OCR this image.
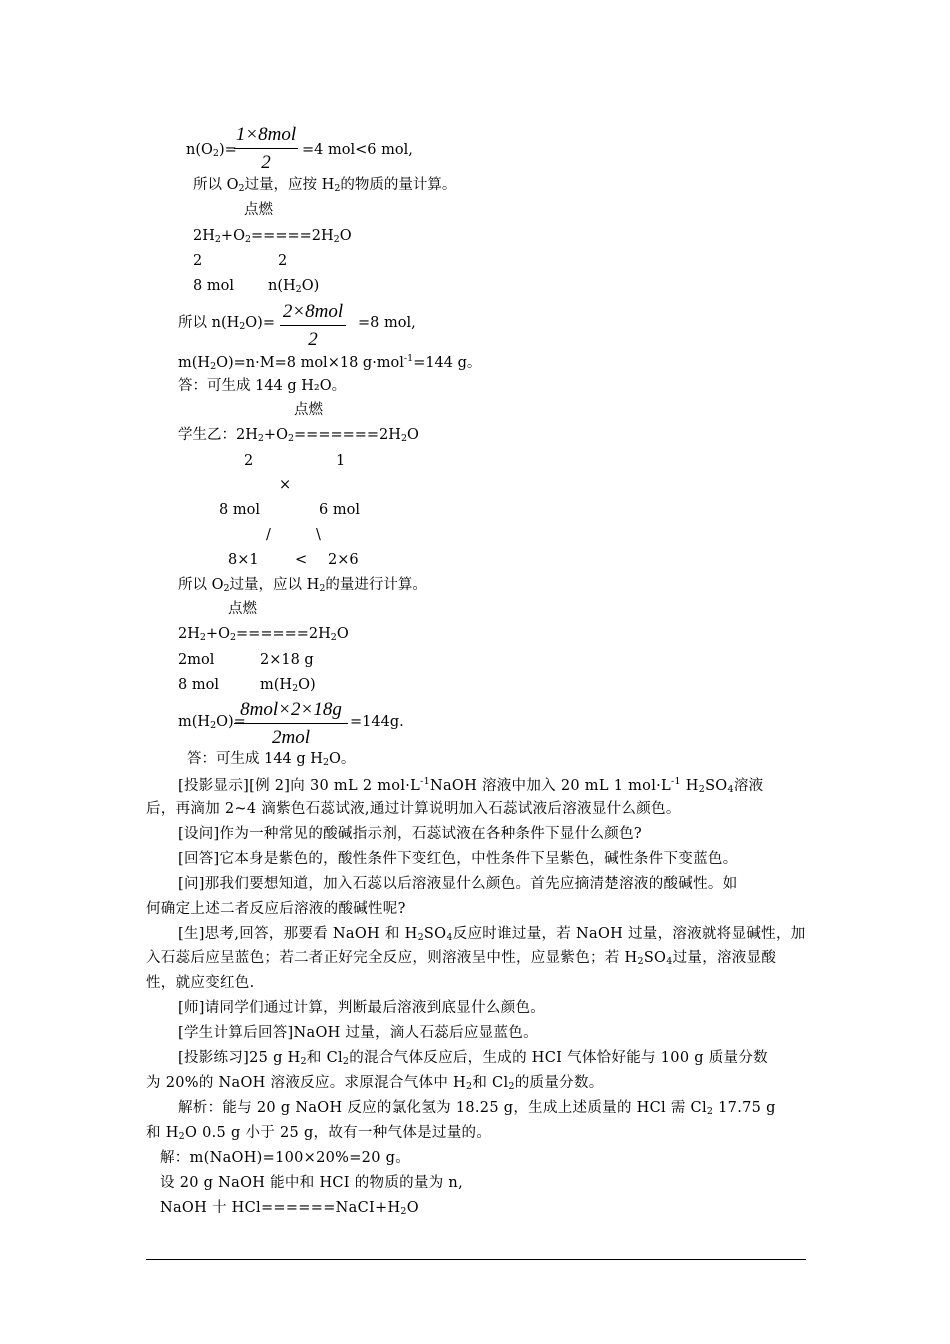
$n(O_2)=$
1×8mol
2
=4 mol<6 mol,
所以 $O_2$过量，应按 $H_2$的物质的量计算。
点燃
$2H_2+O_2=====2H_2O$
2	2
8 mol $n(H_2O)$
所以 $n(H_2O)=$
2×8mol
2
=8 mol,
$m(H_2O)=n\cdot M=8$ mol×18 g·mol$^{-1}$=144 g。
答：可生成 144 g H₂O。
点燃
学生乙：$2H_2+O_2=======2H_2O$
2	1
×
8 mol	6 mol
/	\
8×1	< 2×6
所以 $O_2$过量，应以 $H_2$的量进行计算。
点燃
$2H_2+O_2======2H_2O$
2mol	2×18 g
8 mol	$m(H_2O)$
$m(H_2O)=$
8mol×2×18g
2mol
=144g.
答：可生成 144 g $H_2O$。
[投影显示][例 2]向 30 mL 2 $mol\cdot L^{-1}NaOH$ 溶液中加入 20 mL 1 $mol\cdot L^{-1}$ $H_2SO_4$溶液
后，再滴加 2~4 滴紫色石蕊试液,通过计算说明加入石蕊试液后溶液显什么颜色。
[设问]作为一种常见的酸碱指示剂，石蕊试液在各种条件下显什么颜色?
[回答]它本身是紫色的，酸性条件下变红色，中性条件下呈紫色，碱性条件下变蓝色。
[问]那我们要想知道，加入石蕊以后溶液显什么颜色。首先应摘清楚溶液的酸碱性。如
何确定上述二者反应后溶液的酸碱性呢?
[生]思考,回答，那要看 NaOH 和 $H_2SO_4$反应时谁过量，若 NaOH 过量，溶液就将显碱性，加
入石蕊后应呈蓝色；若二者正好完全反应，则溶液呈中性，应显紫色；若 $H_2SO_4$过量，溶液显酸
性，就应变红色.
[师]请同学们通过计算，判断最后溶液到底显什么颜色。
[学生计算后回答]NaOH 过量，滴人石蕊后应显蓝色。
[投影练习]25 g $H_2$和 $Cl_2$的混合气体反应后，生成的 HCI 气体恰好能与 100 g 质量分数
为 20%的 NaOH 溶液反应。求原混合气体中 $H_2$和 $Cl_2$的质量分数。
解析：能与 20 g NaOH 反应的氯化氢为 18.25 g，生成上述质量的 HCl 需 $Cl_2$ 17.75 g
和 $H_2O$ 0.5 g 小于 25 g，故有一种气体是过量的。
解：m(NaOH)=100×20%=20 g。
设 20 g NaOH 能中和 HCI 的物质的量为 n,
NaOH 十 $HCl======NaCI+H_2O$
